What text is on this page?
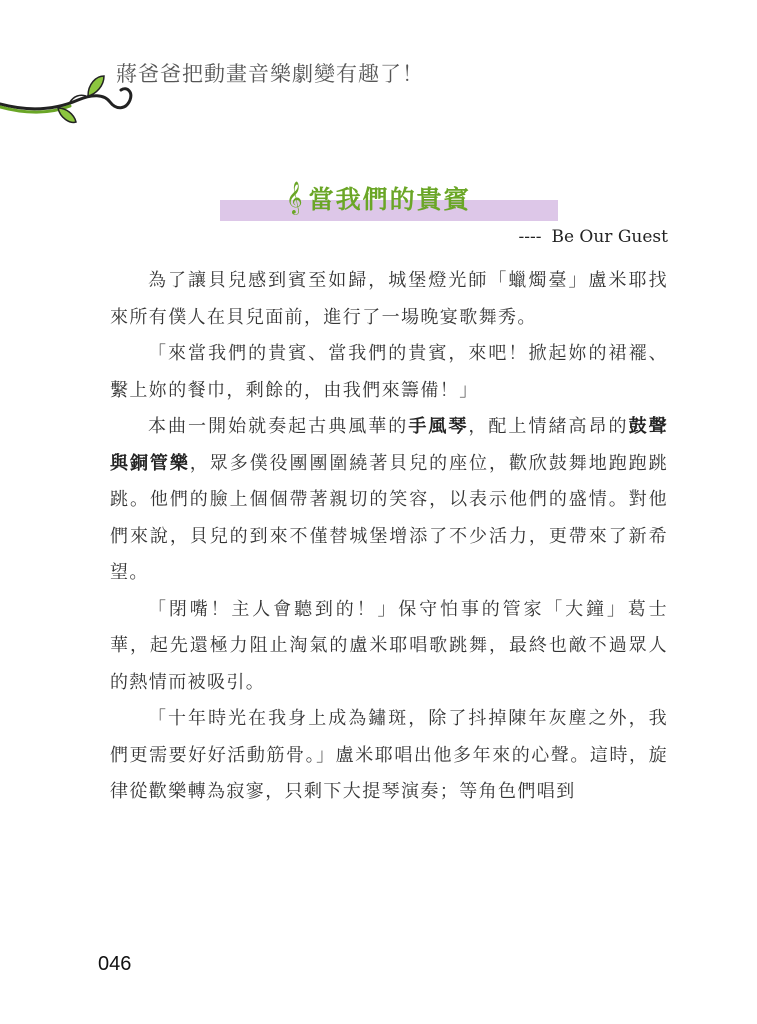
蔣爸爸把動畫音樂劇變有趣了！
𝄞 當我們的貴賓
---- Be Our Guest

為了讓貝兒感到賓至如歸，城堡燈光師「蠟燭臺」盧米耶找來所有僕人在貝兒面前，進行了一場晚宴歌舞秀。

「來當我們的貴賓、當我們的貴賓，來吧！掀起妳的裙襬、繫上妳的餐巾，剩餘的，由我們來籌備！」

本曲一開始就奏起古典風華的手風琴，配上情緒高昂的鼓聲與銅管樂，眾多僕役團團圍繞著貝兒的座位，歡欣鼓舞地跑跑跳跳。他們的臉上個個帶著親切的笑容，以表示他們的盛情。對他們來說，貝兒的到來不僅替城堡增添了不少活力，更帶來了新希望。

「閉嘴！主人會聽到的！」保守怕事的管家「大鐘」葛士華，起先還極力阻止淘氣的盧米耶唱歌跳舞，最終也敵不過眾人的熱情而被吸引。

「十年時光在我身上成為鏽斑，除了抖掉陳年灰塵之外，我們更需要好好活動筋骨。」盧米耶唱出他多年來的心聲。這時，旋律從歡樂轉為寂寥，只剩下大提琴演奏；等角色們唱到

046
